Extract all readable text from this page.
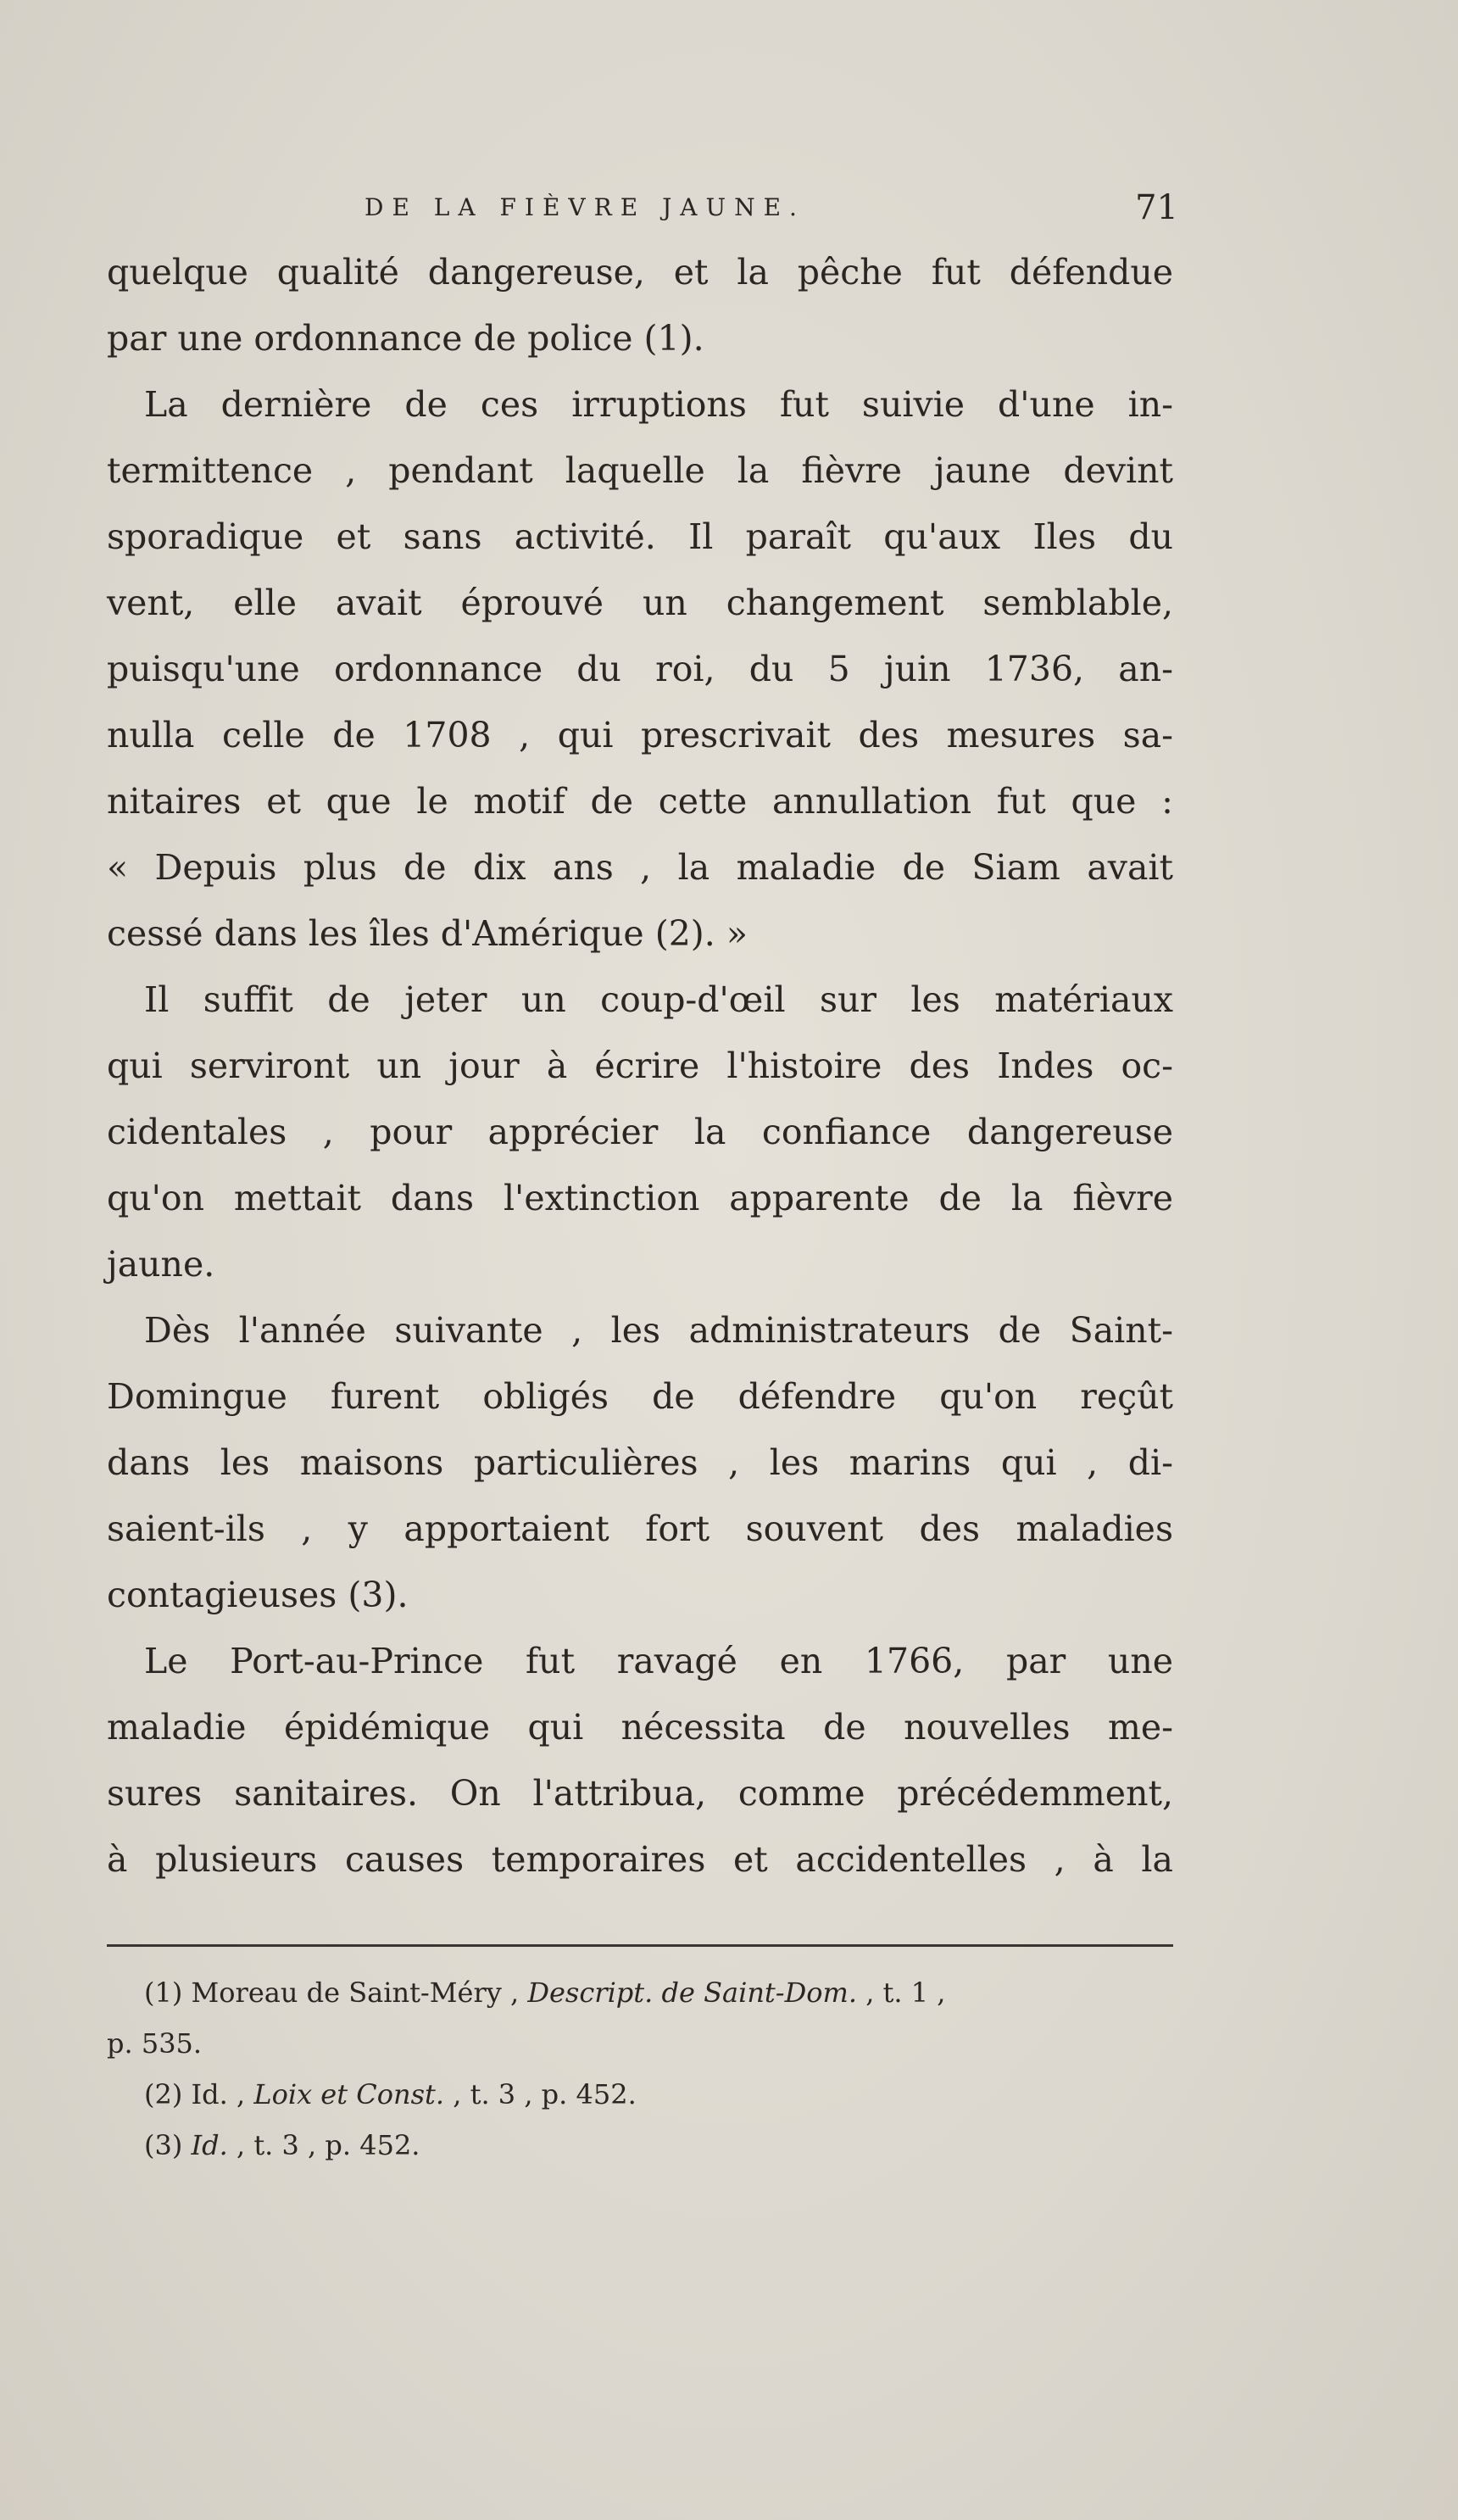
DE LA FIÈVRE JAUNE.	71
quelque qualité dangereuse, et la pêche fut défendue
par une ordonnance de police (1).
La dernière de ces irruptions fut suivie d'une in-
termittence , pendant laquelle la fièvre jaune devint
sporadique et sans activité. Il paraît qu'aux Iles du
vent, elle avait éprouvé un changement semblable,
puisqu'une ordonnance du roi, du 5 juin 1736, an-
nulla celle de 1708 , qui prescrivait des mesures sa-
nitaires et que le motif de cette annullation fut que :
« Depuis plus de dix ans , la maladie de Siam avait
cessé dans les îles d'Amérique (2). »
Il suffit de jeter un coup-d'œil sur les matériaux
qui serviront un jour à écrire l'histoire des Indes oc-
cidentales , pour apprécier la confiance dangereuse
qu'on mettait dans l'extinction apparente de la fièvre
jaune.
Dès l'année suivante , les administrateurs de Saint-
Domingue furent obligés de défendre qu'on reçût
dans les maisons particulières , les marins qui , di-
saient-ils , y apportaient fort souvent des maladies
contagieuses (3).
Le Port-au-Prince fut ravagé en 1766, par une
maladie épidémique qui nécessita de nouvelles me-
sures sanitaires. On l'attribua, comme précédemment,
à plusieurs causes temporaires et accidentelles , à la
(1) Moreau de Saint-Méry , Descript. de Saint-Dom. , t. 1 ,
p. 535.
(2) Id. , Loix et Const. , t. 3 , p. 452.
(3) Id. , t. 3 , p. 452.
